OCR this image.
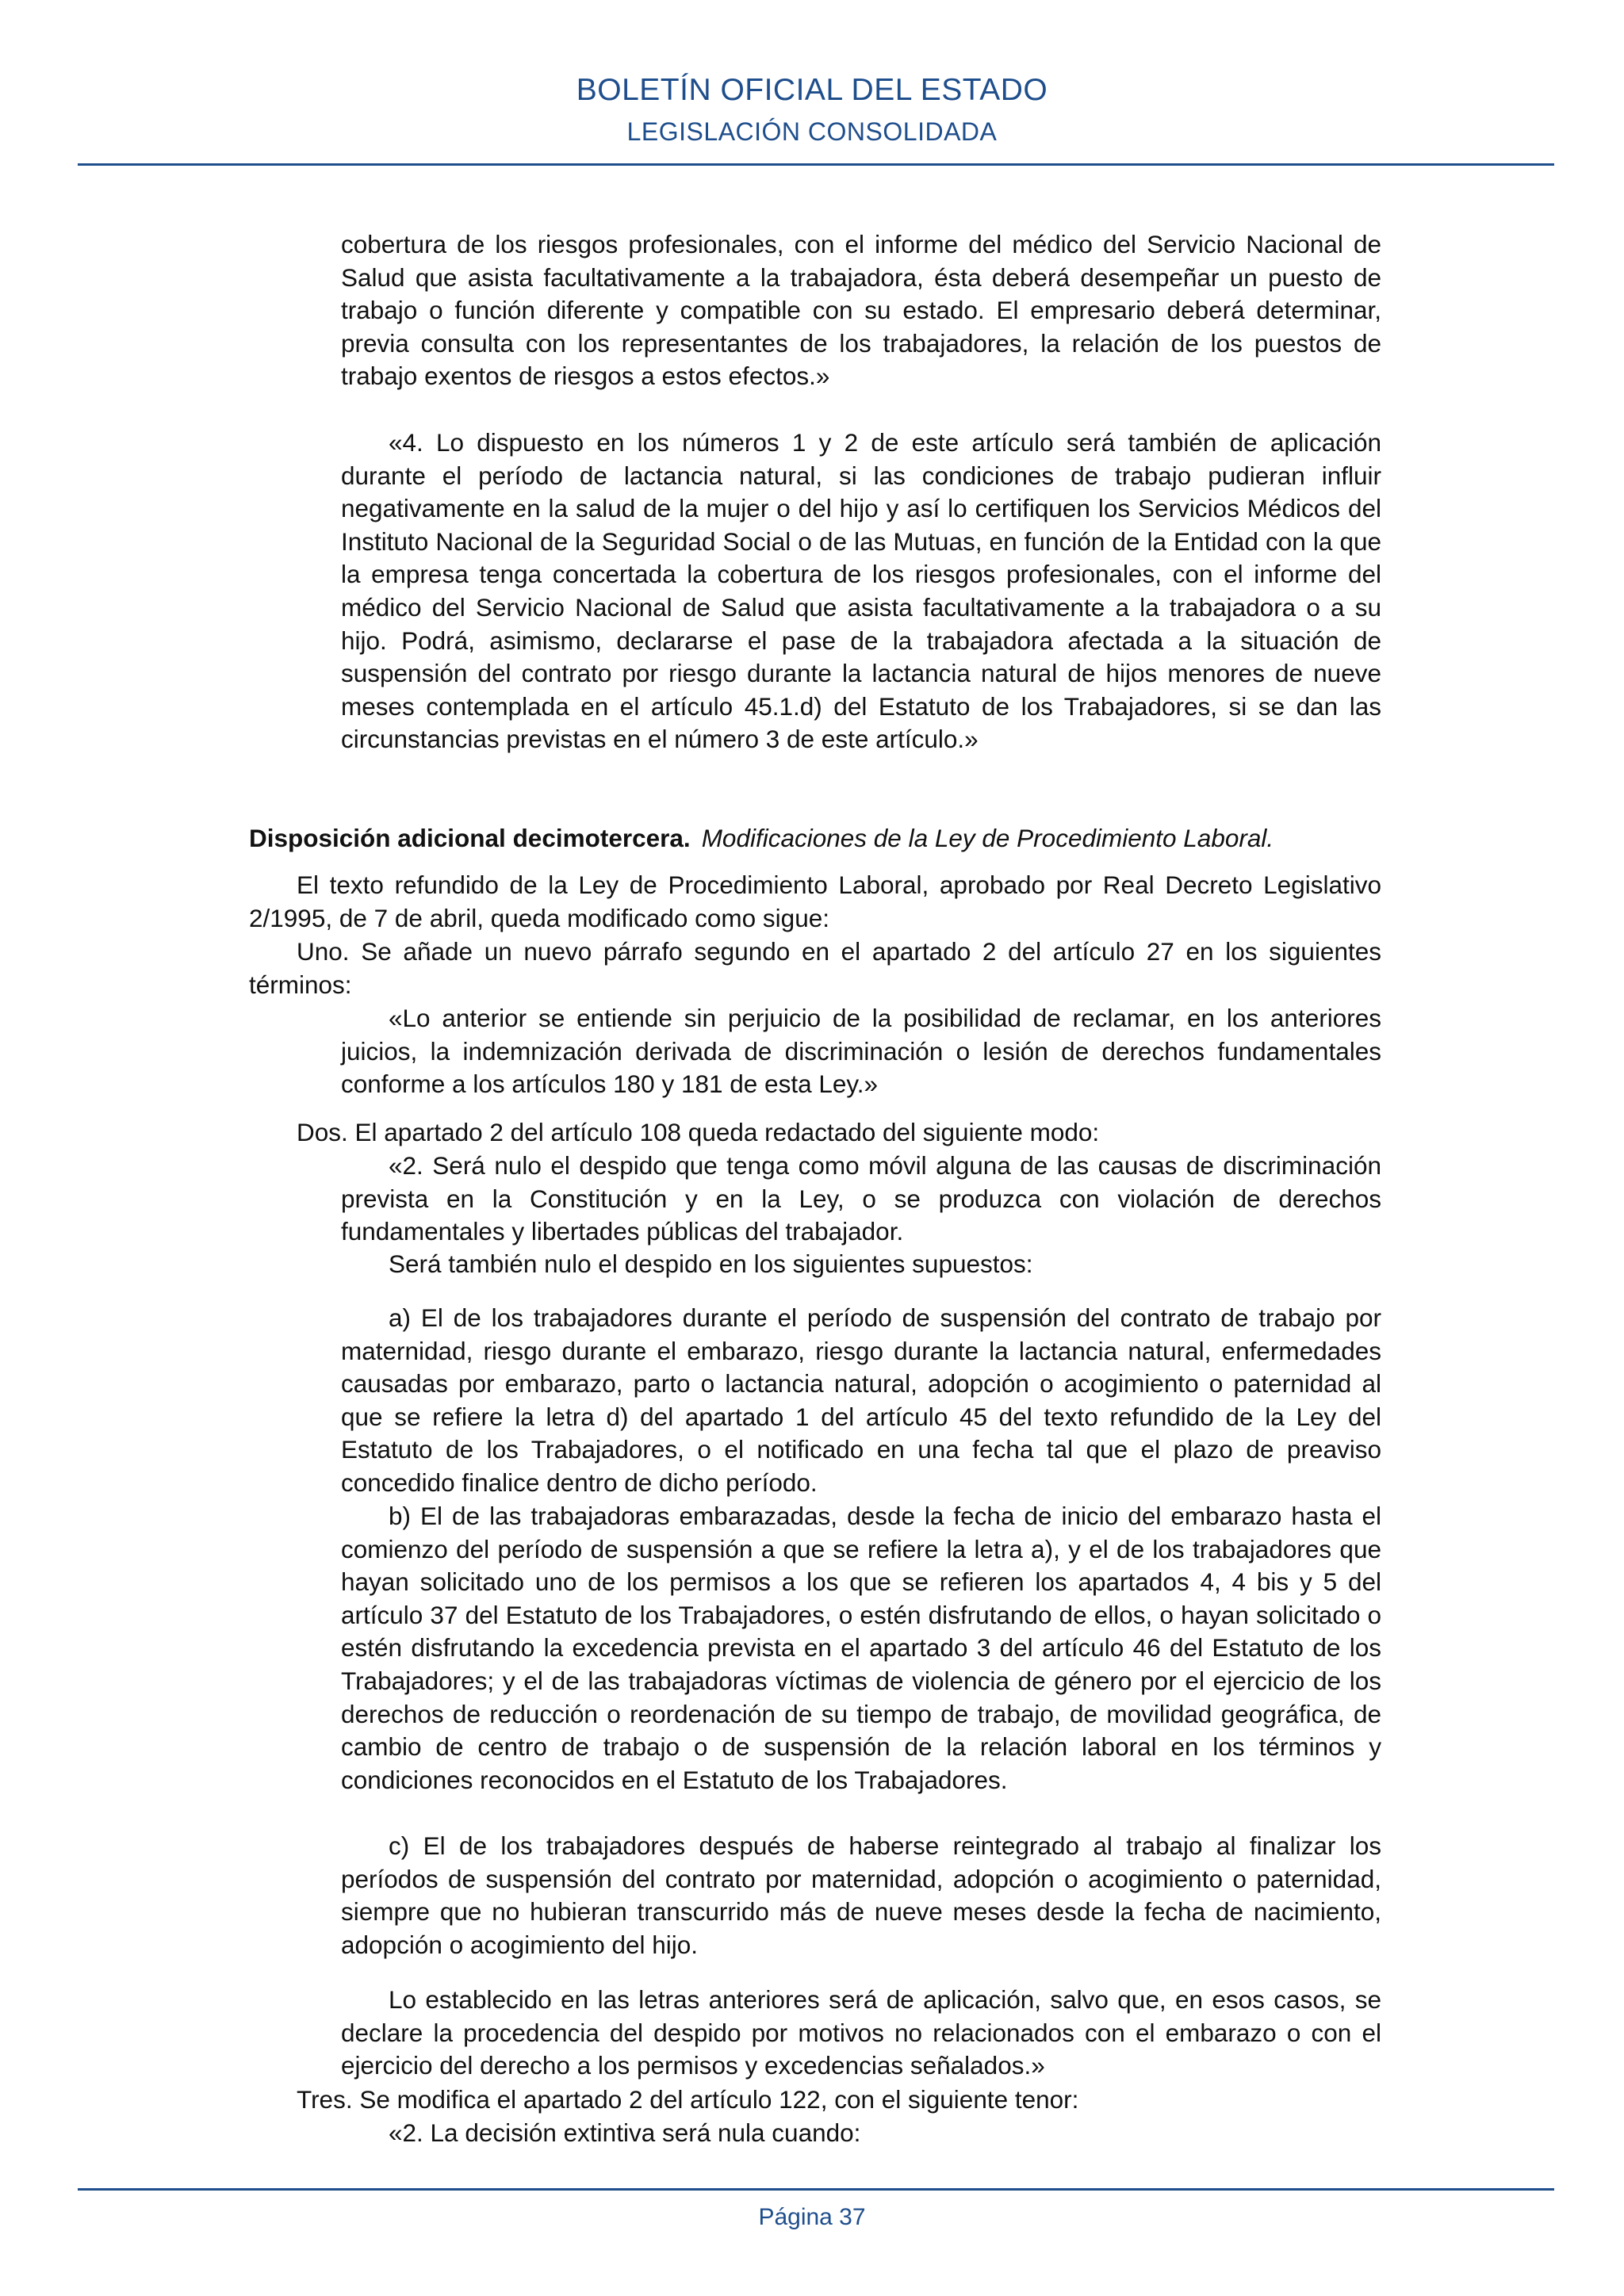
BOLETÍN OFICIAL DEL ESTADO
LEGISLACIÓN CONSOLIDADA

cobertura de los riesgos profesionales, con el informe del médico del Servicio Nacional de Salud que asista facultativamente a la trabajadora, ésta deberá desempeñar un puesto de trabajo o función diferente y compatible con su estado. El empresario deberá determinar, previa consulta con los representantes de los trabajadores, la relación de los puestos de trabajo exentos de riesgos a estos efectos.»

«4. Lo dispuesto en los números 1 y 2 de este artículo será también de aplicación durante el período de lactancia natural, si las condiciones de trabajo pudieran influir negativamente en la salud de la mujer o del hijo y así lo certifiquen los Servicios Médicos del Instituto Nacional de la Seguridad Social o de las Mutuas, en función de la Entidad con la que la empresa tenga concertada la cobertura de los riesgos profesionales, con el informe del médico del Servicio Nacional de Salud que asista facultativamente a la trabajadora o a su hijo. Podrá, asimismo, declararse el pase de la trabajadora afectada a la situación de suspensión del contrato por riesgo durante la lactancia natural de hijos menores de nueve meses contemplada en el artículo 45.1.d) del Estatuto de los Trabajadores, si se dan las circunstancias previstas en el número 3 de este artículo.»

Disposición adicional decimotercera. Modificaciones de la Ley de Procedimiento Laboral.

El texto refundido de la Ley de Procedimiento Laboral, aprobado por Real Decreto Legislativo 2/1995, de 7 de abril, queda modificado como sigue:

Uno. Se añade un nuevo párrafo segundo en el apartado 2 del artículo 27 en los siguientes términos:

«Lo anterior se entiende sin perjuicio de la posibilidad de reclamar, en los anteriores juicios, la indemnización derivada de discriminación o lesión de derechos fundamentales conforme a los artículos 180 y 181 de esta Ley.»

Dos. El apartado 2 del artículo 108 queda redactado del siguiente modo:

«2. Será nulo el despido que tenga como móvil alguna de las causas de discriminación prevista en la Constitución y en la Ley, o se produzca con violación de derechos fundamentales y libertades públicas del trabajador.

Será también nulo el despido en los siguientes supuestos:

a) El de los trabajadores durante el período de suspensión del contrato de trabajo por maternidad, riesgo durante el embarazo, riesgo durante la lactancia natural, enfermedades causadas por embarazo, parto o lactancia natural, adopción o acogimiento o paternidad al que se refiere la letra d) del apartado 1 del artículo 45 del texto refundido de la Ley del Estatuto de los Trabajadores, o el notificado en una fecha tal que el plazo de preaviso concedido finalice dentro de dicho período.

b) El de las trabajadoras embarazadas, desde la fecha de inicio del embarazo hasta el comienzo del período de suspensión a que se refiere la letra a), y el de los trabajadores que hayan solicitado uno de los permisos a los que se refieren los apartados 4, 4 bis y 5 del artículo 37 del Estatuto de los Trabajadores, o estén disfrutando de ellos, o hayan solicitado o estén disfrutando la excedencia prevista en el apartado 3 del artículo 46 del Estatuto de los Trabajadores; y el de las trabajadoras víctimas de violencia de género por el ejercicio de los derechos de reducción o reordenación de su tiempo de trabajo, de movilidad geográfica, de cambio de centro de trabajo o de suspensión de la relación laboral en los términos y condiciones reconocidos en el Estatuto de los Trabajadores.

c) El de los trabajadores después de haberse reintegrado al trabajo al finalizar los períodos de suspensión del contrato por maternidad, adopción o acogimiento o paternidad, siempre que no hubieran transcurrido más de nueve meses desde la fecha de nacimiento, adopción o acogimiento del hijo.

Lo establecido en las letras anteriores será de aplicación, salvo que, en esos casos, se declare la procedencia del despido por motivos no relacionados con el embarazo o con el ejercicio del derecho a los permisos y excedencias señalados.»

Tres. Se modifica el apartado 2 del artículo 122, con el siguiente tenor:

«2. La decisión extintiva será nula cuando:

Página 37
